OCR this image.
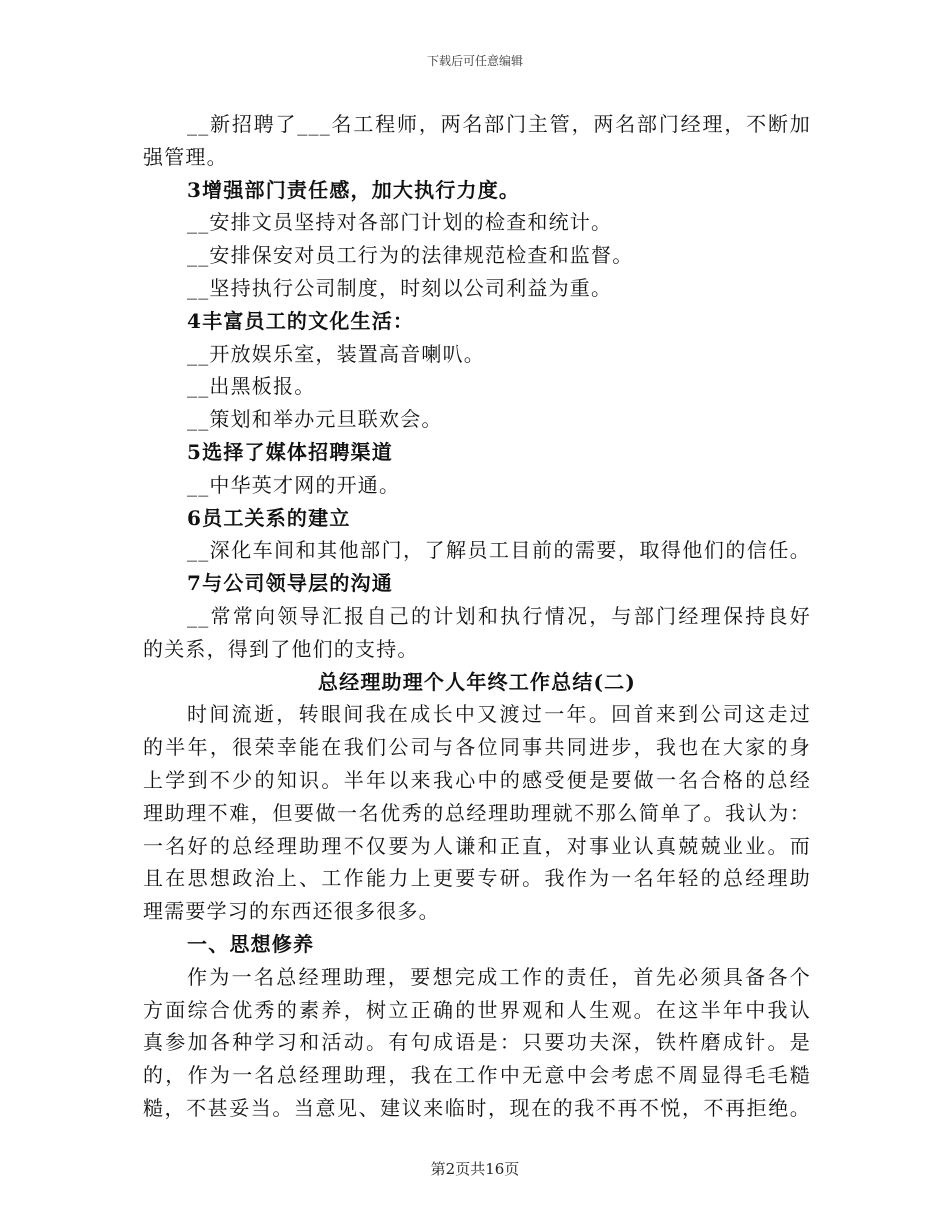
下载后可任意编辑
__新招聘了___名工程师，两名部门主管，两名部门经理，不断加
强管理。
3增强部门责任感，加大执行力度。
__安排文员坚持对各部门计划的检查和统计。
__安排保安对员工行为的法律规范检查和监督。
__坚持执行公司制度，时刻以公司利益为重。
4丰富员工的文化生活：
__开放娱乐室，装置高音喇叭。
__出黑板报。
__策划和举办元旦联欢会。
5选择了媒体招聘渠道
__中华英才网的开通。
6员工关系的建立
__深化车间和其他部门，了解员工目前的需要，取得他们的信任。
7与公司领导层的沟通
__常常向领导汇报自己的计划和执行情况，与部门经理保持良好
的关系，得到了他们的支持。
总经理助理个人年终工作总结(二)
时间流逝，转眼间我在成长中又渡过一年。回首来到公司这走过
的半年，很荣幸能在我们公司与各位同事共同进步，我也在大家的身
上学到不少的知识。半年以来我心中的感受便是要做一名合格的总经
理助理不难，但要做一名优秀的总经理助理就不那么简单了。我认为：
一名好的总经理助理不仅要为人谦和正直，对事业认真兢兢业业。而
且在思想政治上、工作能力上更要专研。我作为一名年轻的总经理助
理需要学习的东西还很多很多。
一、思想修养
作为一名总经理助理，要想完成工作的责任，首先必须具备各个
方面综合优秀的素养，树立正确的世界观和人生观。在这半年中我认
真参加各种学习和活动。有句成语是：只要功夫深，铁杵磨成针。是
的，作为一名总经理助理，我在工作中无意中会考虑不周显得毛毛糙
糙，不甚妥当。当意见、建议来临时，现在的我不再不悦，不再拒绝。
第2页共16页
